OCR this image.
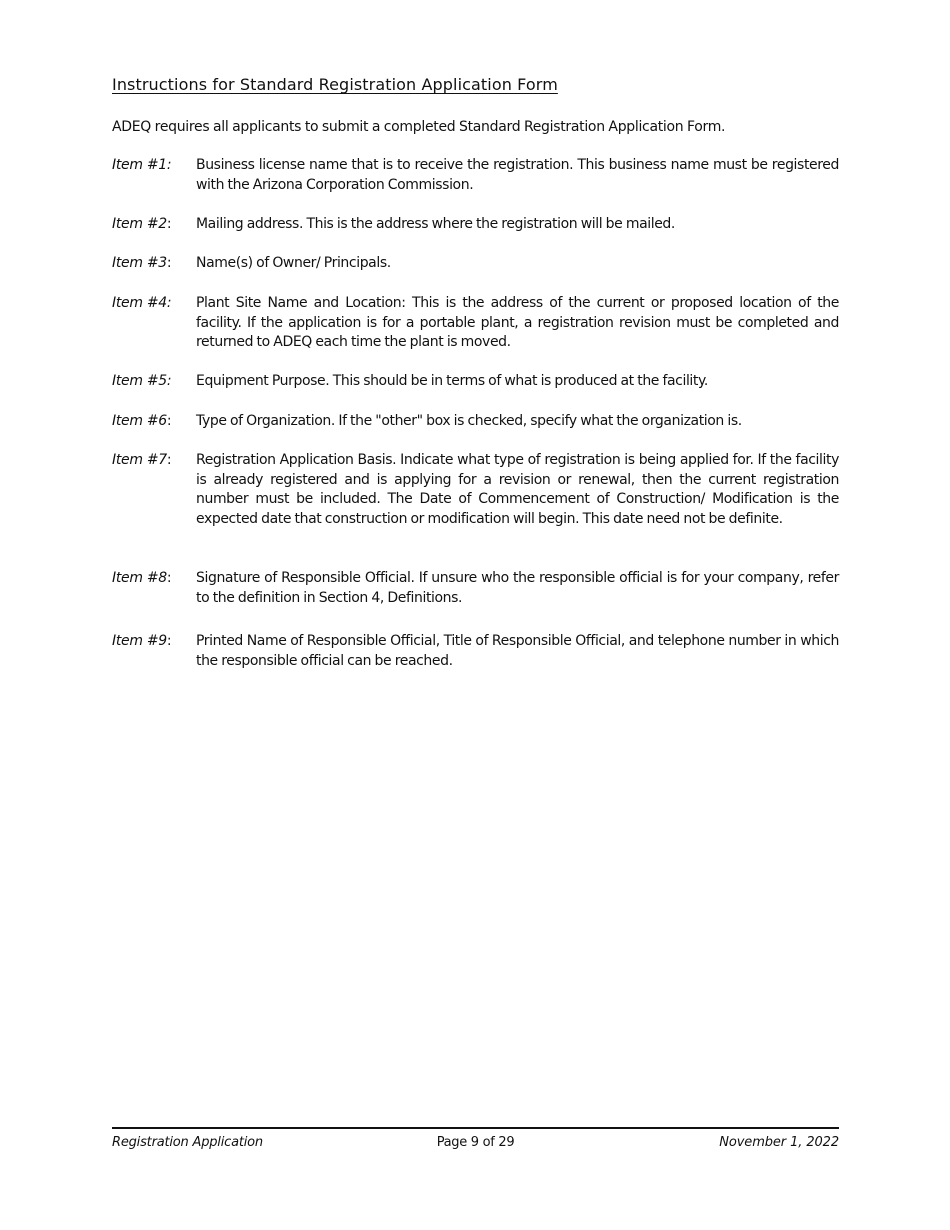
Instructions for Standard Registration Application Form
ADEQ requires all applicants to submit a completed Standard Registration Application Form.
Item #1: Business license name that is to receive the registration. This business name must be registered with the Arizona Corporation Commission.
Item #2: Mailing address. This is the address where the registration will be mailed.
Item #3: Name(s) of Owner/ Principals.
Item #4: Plant Site Name and Location: This is the address of the current or proposed location of the facility. If the application is for a portable plant, a registration revision must be completed and returned to ADEQ each time the plant is moved.
Item #5: Equipment Purpose. This should be in terms of what is produced at the facility.
Item #6: Type of Organization. If the "other" box is checked, specify what the organization is.
Item #7: Registration Application Basis. Indicate what type of registration is being applied for. If the facility is already registered and is applying for a revision or renewal, then the current registration number must be included. The Date of Commencement of Construction/ Modification is the expected date that construction or modification will begin. This date need not be definite.
Item #8: Signature of Responsible Official. If unsure who the responsible official is for your company, refer to the definition in Section 4, Definitions.
Item #9: Printed Name of Responsible Official, Title of Responsible Official, and telephone number in which the responsible official can be reached.
Registration Application	Page 9 of 29	November 1, 2022
